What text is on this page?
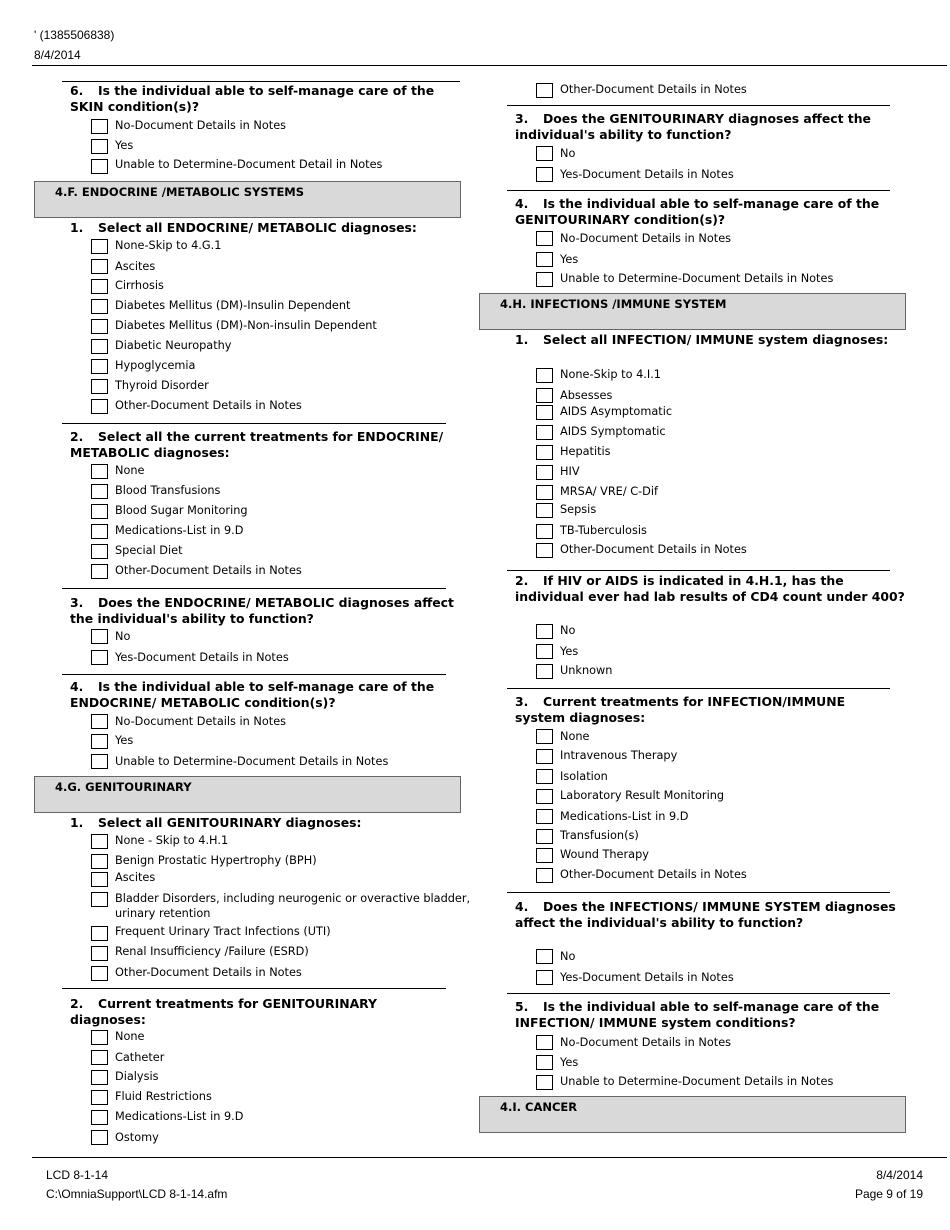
' (1385506838)
8/4/2014
6. Is the individual able to self-manage care of the SKIN condition(s)?
No-Document Details in Notes
Yes
Unable to Determine-Document Detail in Notes
4.F. ENDOCRINE /METABOLIC SYSTEMS
1. Select all ENDOCRINE/ METABOLIC diagnoses:
None-Skip to 4.G.1
Ascites
Cirrhosis
Diabetes Mellitus (DM)-Insulin Dependent
Diabetes Mellitus (DM)-Non-insulin Dependent
Diabetic Neuropathy
Hypoglycemia
Thyroid Disorder
Other-Document Details in Notes
2. Select all the current treatments for ENDOCRINE/ METABOLIC diagnoses:
None
Blood Transfusions
Blood Sugar Monitoring
Medications-List in 9.D
Special Diet
Other-Document Details in Notes
3. Does the ENDOCRINE/ METABOLIC diagnoses affect the individual's ability to function?
No
Yes-Document Details in Notes
4. Is the individual able to self-manage care of the ENDOCRINE/ METABOLIC condition(s)?
No-Document Details in Notes
Yes
Unable to Determine-Document Details in Notes
4.G. GENITOURINARY
1. Select all GENITOURINARY diagnoses:
None - Skip to 4.H.1
Benign Prostatic Hypertrophy (BPH)
Ascites
Bladder Disorders, including neurogenic or overactive bladder,
urinary retention
Frequent Urinary Tract Infections (UTI)
Renal Insufficiency /Failure (ESRD)
Other-Document Details in Notes
2. Current treatments for GENITOURINARY diagnoses:
None
Catheter
Dialysis
Fluid Restrictions
Medications-List in 9.D
Ostomy
Other-Document Details in Notes
3. Does the GENITOURINARY diagnoses affect the individual's ability to function?
No
Yes-Document Details in Notes
4. Is the individual able to self-manage care of the GENITOURINARY condition(s)?
No-Document Details in Notes
Yes
Unable to Determine-Document Details in Notes
4.H. INFECTIONS /IMMUNE SYSTEM
1. Select all INFECTION/ IMMUNE system diagnoses:
None-Skip to 4.I.1
Absesses
AIDS Asymptomatic
AIDS Symptomatic
Hepatitis
HIV
MRSA/ VRE/ C-Dif
Sepsis
TB-Tuberculosis
Other-Document Details in Notes
2. If HIV or AIDS is indicated in 4.H.1, has the individual ever had lab results of CD4 count under 400?
No
Yes
Unknown
3. Current treatments for INFECTION/IMMUNE system diagnoses:
None
Intravenous Therapy
Isolation
Laboratory Result Monitoring
Medications-List in 9.D
Transfusion(s)
Wound Therapy
Other-Document Details in Notes
4. Does the INFECTIONS/ IMMUNE SYSTEM diagnoses affect the individual's ability to function?
No
Yes-Document Details in Notes
5. Is the individual able to self-manage care of the INFECTION/ IMMUNE system conditions?
No-Document Details in Notes
Yes
Unable to Determine-Document Details in Notes
4.I. CANCER
LCD 8-1-14
C:\OmniaSupport\LCD 8-1-14.afm
8/4/2014
Page 9 of 19
